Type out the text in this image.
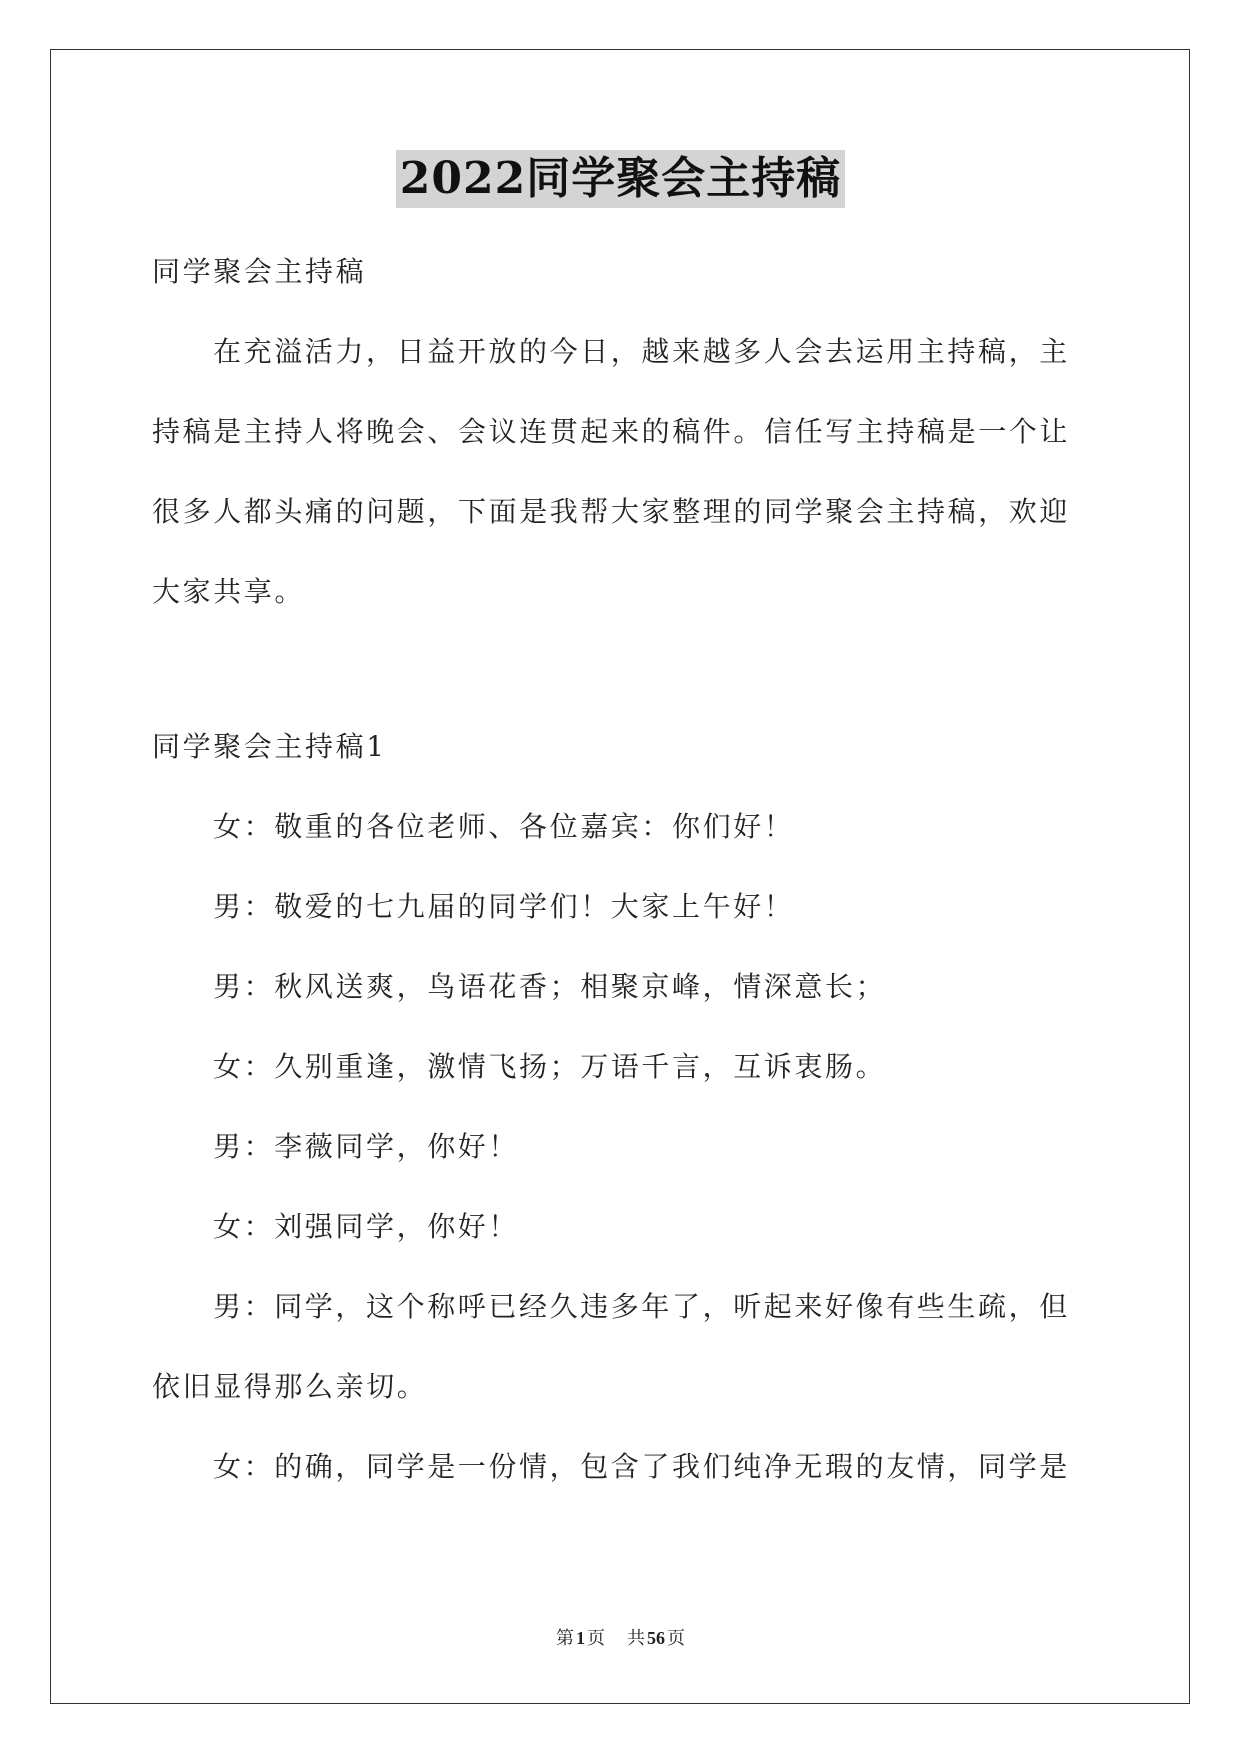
2022同学聚会主持稿

同学聚会主持稿

在充溢活力，日益开放的今日，越来越多人会去运用主持稿，主持稿是主持人将晚会、会议连贯起来的稿件。信任写主持稿是一个让很多人都头痛的问题，下面是我帮大家整理的同学聚会主持稿，欢迎大家共享。

同学聚会主持稿1

女：敬重的各位老师、各位嘉宾：你们好！

男：敬爱的七九届的同学们！大家上午好！

男：秋风送爽，鸟语花香；相聚京峰，情深意长；

女：久别重逢，激情飞扬；万语千言，互诉衷肠。

男：李薇同学，你好！

女：刘强同学，你好！

男：同学，这个称呼已经久违多年了，听起来好像有些生疏，但依旧显得那么亲切。

女：的确，同学是一份情，包含了我们纯净无瑕的友情，同学是

第 1 页 共 56 页
